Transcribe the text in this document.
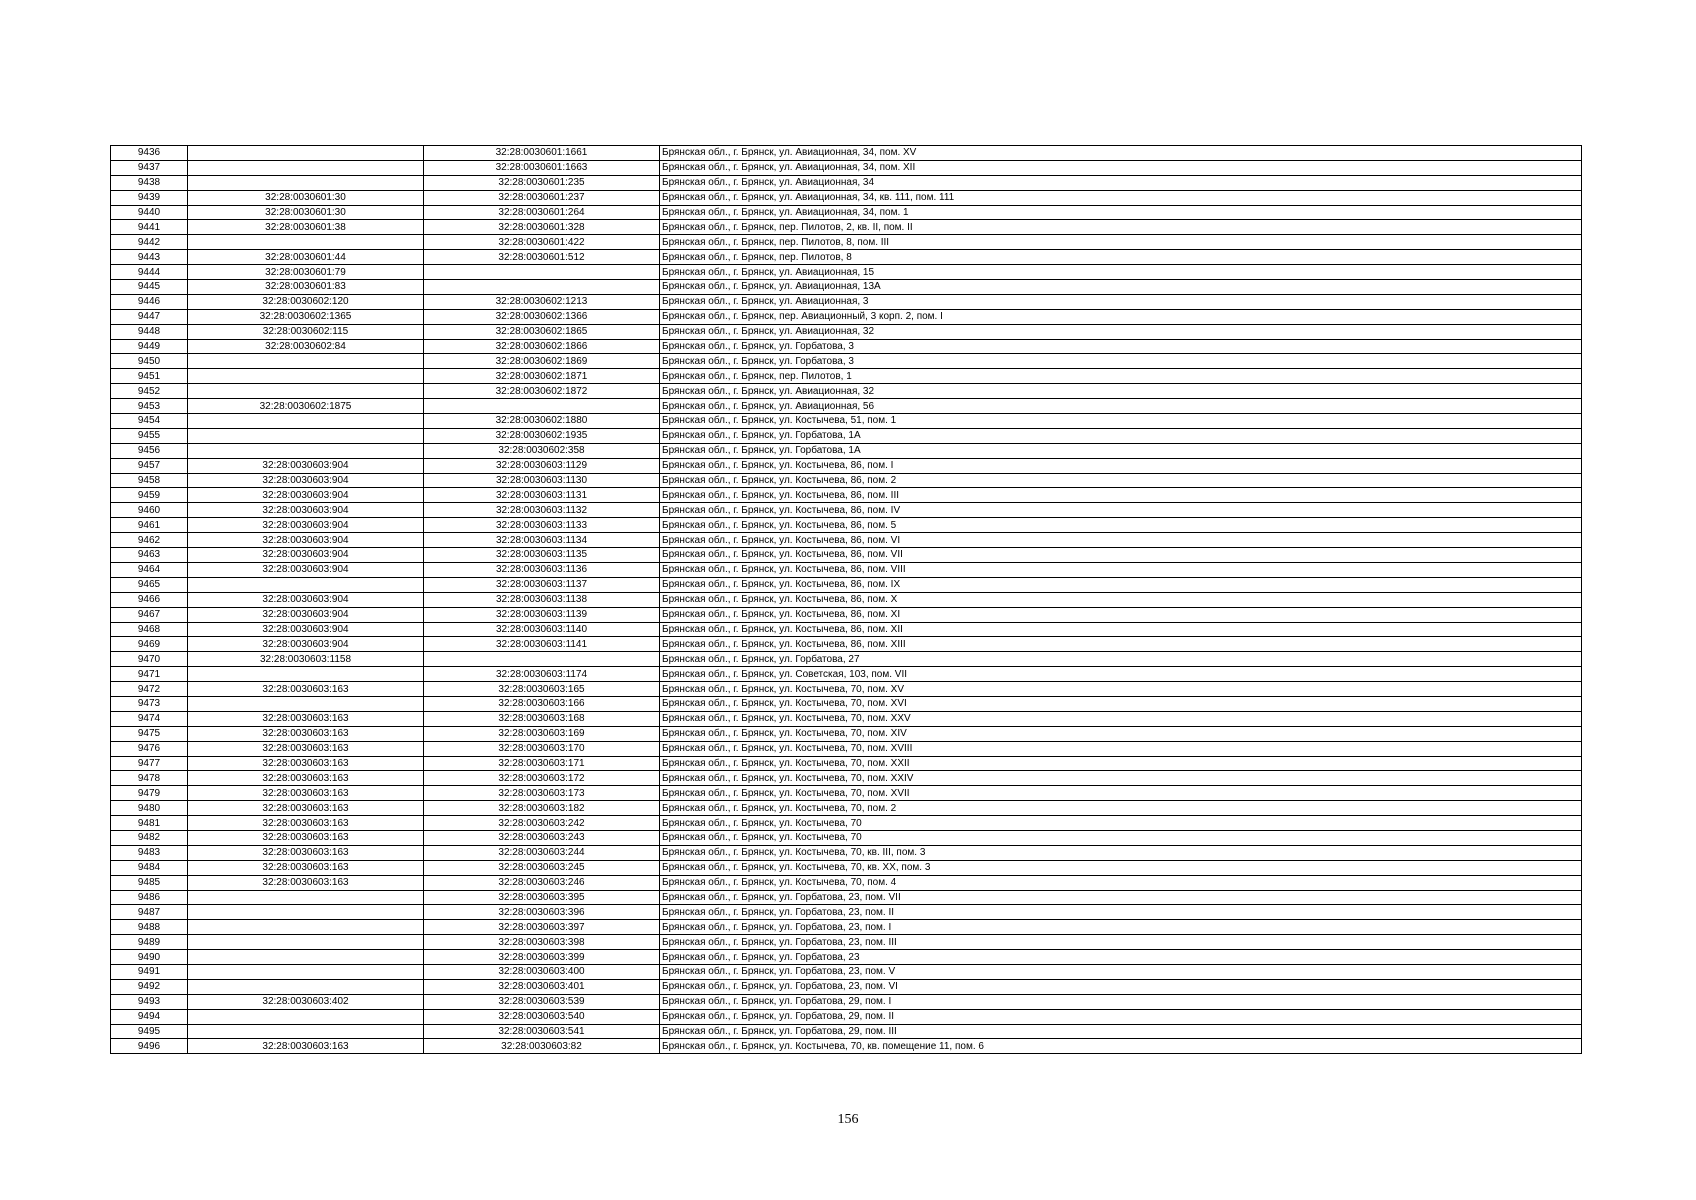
9436		32:28:0030601:1661	Брянская обл., г. Брянск, ул. Авиационная, 34, пом. XV
9437		32:28:0030601:1663	Брянская обл., г. Брянск, ул. Авиационная, 34, пом. XII
9438		32:28:0030601:235	Брянская обл., г. Брянск, ул. Авиационная, 34
9439	32:28:0030601:30	32:28:0030601:237	Брянская обл., г. Брянск, ул. Авиационная, 34, кв. 111, пом. 111
9440	32:28:0030601:30	32:28:0030601:264	Брянская обл., г. Брянск, ул. Авиационная, 34, пом. 1
9441	32:28:0030601:38	32:28:0030601:328	Брянская обл., г. Брянск, пер. Пилотов, 2, кв. II, пом. II
9442		32:28:0030601:422	Брянская обл., г. Брянск, пер. Пилотов, 8, пом. III
9443	32:28:0030601:44	32:28:0030601:512	Брянская обл., г. Брянск, пер. Пилотов, 8
9444	32:28:0030601:79		Брянская обл., г. Брянск, ул. Авиационная, 15
9445	32:28:0030601:83		Брянская обл., г. Брянск, ул. Авиационная, 13А
9446	32:28:0030602:120	32:28:0030602:1213	Брянская обл., г. Брянск, ул. Авиационная, 3
9447	32:28:0030602:1365	32:28:0030602:1366	Брянская обл., г. Брянск, пер. Авиационный, 3 корп. 2, пом. I
9448	32:28:0030602:115	32:28:0030602:1865	Брянская обл., г. Брянск, ул. Авиационная, 32
9449	32:28:0030602:84	32:28:0030602:1866	Брянская обл., г. Брянск, ул. Горбатова, 3
9450		32:28:0030602:1869	Брянская обл., г. Брянск, ул. Горбатова, 3
9451		32:28:0030602:1871	Брянская обл., г. Брянск, пер. Пилотов, 1
9452		32:28:0030602:1872	Брянская обл., г. Брянск, ул. Авиационная, 32
9453	32:28:0030602:1875		Брянская обл., г. Брянск, ул. Авиационная, 56
9454		32:28:0030602:1880	Брянская обл., г. Брянск, ул. Костычева, 51, пом. 1
9455		32:28:0030602:1935	Брянская обл., г. Брянск, ул. Горбатова, 1А
9456		32:28:0030602:358	Брянская обл., г. Брянск, ул. Горбатова, 1А
9457	32:28:0030603:904	32:28:0030603:1129	Брянская обл., г. Брянск, ул. Костычева, 86, пом. I
9458	32:28:0030603:904	32:28:0030603:1130	Брянская обл., г. Брянск, ул. Костычева, 86, пом. 2
9459	32:28:0030603:904	32:28:0030603:1131	Брянская обл., г. Брянск, ул. Костычева, 86, пом. III
9460	32:28:0030603:904	32:28:0030603:1132	Брянская обл., г. Брянск, ул. Костычева, 86, пом. IV
9461	32:28:0030603:904	32:28:0030603:1133	Брянская обл., г. Брянск, ул. Костычева, 86, пом. 5
9462	32:28:0030603:904	32:28:0030603:1134	Брянская обл., г. Брянск, ул. Костычева, 86, пом. VI
9463	32:28:0030603:904	32:28:0030603:1135	Брянская обл., г. Брянск, ул. Костычева, 86, пом. VII
9464	32:28:0030603:904	32:28:0030603:1136	Брянская обл., г. Брянск, ул. Костычева, 86, пом. VIII
9465		32:28:0030603:1137	Брянская обл., г. Брянск, ул. Костычева, 86, пом. IX
9466	32:28:0030603:904	32:28:0030603:1138	Брянская обл., г. Брянск, ул. Костычева, 86, пом. X
9467	32:28:0030603:904	32:28:0030603:1139	Брянская обл., г. Брянск, ул. Костычева, 86, пом. XI
9468	32:28:0030603:904	32:28:0030603:1140	Брянская обл., г. Брянск, ул. Костычева, 86, пом. XII
9469	32:28:0030603:904	32:28:0030603:1141	Брянская обл., г. Брянск, ул. Костычева, 86, пом. XIII
9470	32:28:0030603:1158		Брянская обл., г. Брянск, ул. Горбатова, 27
9471		32:28:0030603:1174	Брянская обл., г. Брянск, ул. Советская, 103, пом. VII
9472	32:28:0030603:163	32:28:0030603:165	Брянская обл., г. Брянск, ул. Костычева, 70, пом. XV
9473		32:28:0030603:166	Брянская обл., г. Брянск, ул. Костычева, 70, пом. XVI
9474	32:28:0030603:163	32:28:0030603:168	Брянская обл., г. Брянск, ул. Костычева, 70, пом. XXV
9475	32:28:0030603:163	32:28:0030603:169	Брянская обл., г. Брянск, ул. Костычева, 70, пом. XIV
9476	32:28:0030603:163	32:28:0030603:170	Брянская обл., г. Брянск, ул. Костычева, 70, пом. XVIII
9477	32:28:0030603:163	32:28:0030603:171	Брянская обл., г. Брянск, ул. Костычева, 70, пом. XXII
9478	32:28:0030603:163	32:28:0030603:172	Брянская обл., г. Брянск, ул. Костычева, 70, пом. XXIV
9479	32:28:0030603:163	32:28:0030603:173	Брянская обл., г. Брянск, ул. Костычева, 70, пом. XVII
9480	32:28:0030603:163	32:28:0030603:182	Брянская обл., г. Брянск, ул. Костычева, 70, пом. 2
9481	32:28:0030603:163	32:28:0030603:242	Брянская обл., г. Брянск, ул. Костычева, 70
9482	32:28:0030603:163	32:28:0030603:243	Брянская обл., г. Брянск, ул. Костычева, 70
9483	32:28:0030603:163	32:28:0030603:244	Брянская обл., г. Брянск, ул. Костычева, 70, кв. III, пом. 3
9484	32:28:0030603:163	32:28:0030603:245	Брянская обл., г. Брянск, ул. Костычева, 70, кв. XX, пом. 3
9485	32:28:0030603:163	32:28:0030603:246	Брянская обл., г. Брянск, ул. Костычева, 70, пом. 4
9486		32:28:0030603:395	Брянская обл., г. Брянск, ул. Горбатова, 23, пом. VII
9487		32:28:0030603:396	Брянская обл., г. Брянск, ул. Горбатова, 23, пом. II
9488		32:28:0030603:397	Брянская обл., г. Брянск, ул. Горбатова, 23, пом. I
9489		32:28:0030603:398	Брянская обл., г. Брянск, ул. Горбатова, 23, пом. III
9490		32:28:0030603:399	Брянская обл., г. Брянск, ул. Горбатова, 23
9491		32:28:0030603:400	Брянская обл., г. Брянск, ул. Горбатова, 23, пом. V
9492		32:28:0030603:401	Брянская обл., г. Брянск, ул. Горбатова, 23, пом. VI
9493	32:28:0030603:402	32:28:0030603:539	Брянская обл., г. Брянск, ул. Горбатова, 29, пом. I
9494		32:28:0030603:540	Брянская обл., г. Брянск, ул. Горбатова, 29, пом. II
9495		32:28:0030603:541	Брянская обл., г. Брянск, ул. Горбатова, 29, пом. III
9496	32:28:0030603:163	32:28:0030603:82	Брянская обл., г. Брянск, ул. Костычева, 70, кв. помещение 11, пом. 6
156
